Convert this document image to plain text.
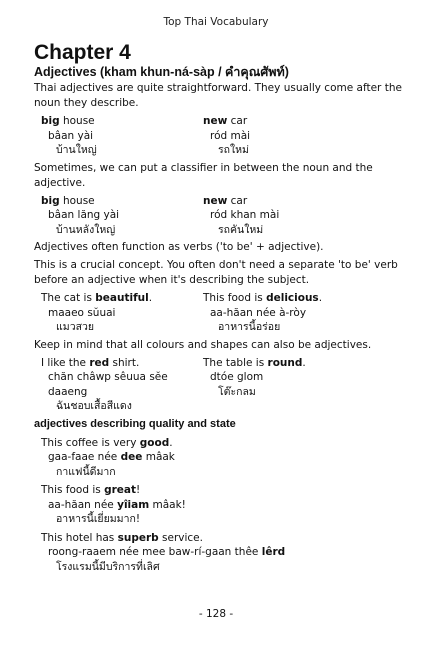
Top Thai Vocabulary
Chapter 4
Adjectives (kham khun-ná-sàp / คำคุณศัพท์)

Thai adjectives are quite straightforward. They usually come after the noun they describe.

big house
bâan yài
บ้านใหญ่
new car
ród mài
รถใหม่

Sometimes, we can put a classifier in between the noun and the adjective.

big house
bâan lăng yài
บ้านหลังใหญ่
new car
ród khan mài
รถคันใหม่

Adjectives often function as verbs ('to be' + adjective).

This is a crucial concept. You often don't need a separate 'to be' verb before an adjective when it's describing the subject.

The cat is beautiful.
maaeo sŭuai
แมวสวย
This food is delicious.
aa-hăan née à-ròy
อาหารนี้อร่อย

Keep in mind that all colours and shapes can also be adjectives.

I like the red shirt.
chăn châwp sêuua sĕe daaeng
ฉันชอบเสื้อสีแดง
The table is round.
dtóe glom
โต๊ะกลม
adjectives describing quality and state
This coffee is very good.
gaa-faae née dee mâak
กาแฟนี้ดีมาก
This food is great!
aa-hăan née yîiam mâak!
อาหารนี้เยี่ยมมาก!
This hotel has superb service.
roong-raaem née mee baw-rí-gaan thêe lêrd
โรงแรมนี้มีบริการที่เลิศ
- 128 -
